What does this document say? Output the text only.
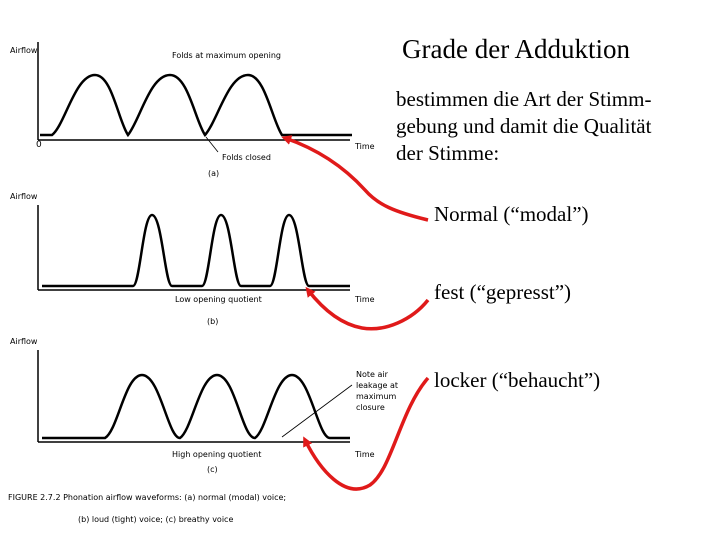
Airflow
0	Time
Folds at maximum opening
Folds closed
(a)
Airflow
Time
Low opening quotient
(b)
Airflow
Time
Note air
leakage at
maximum
closure
High opening quotient
(c)
FIGURE 2.7.2 Phonation airflow waveforms: (a) normal (modal) voice;
(b) loud (tight) voice; (c) breathy voice
Grade der Adduktion
bestimmen die Art der Stimm-
gebung und damit die Qualität
der Stimme:
Normal (“modal”)
fest (“gepresst”)
locker (“behaucht”)
